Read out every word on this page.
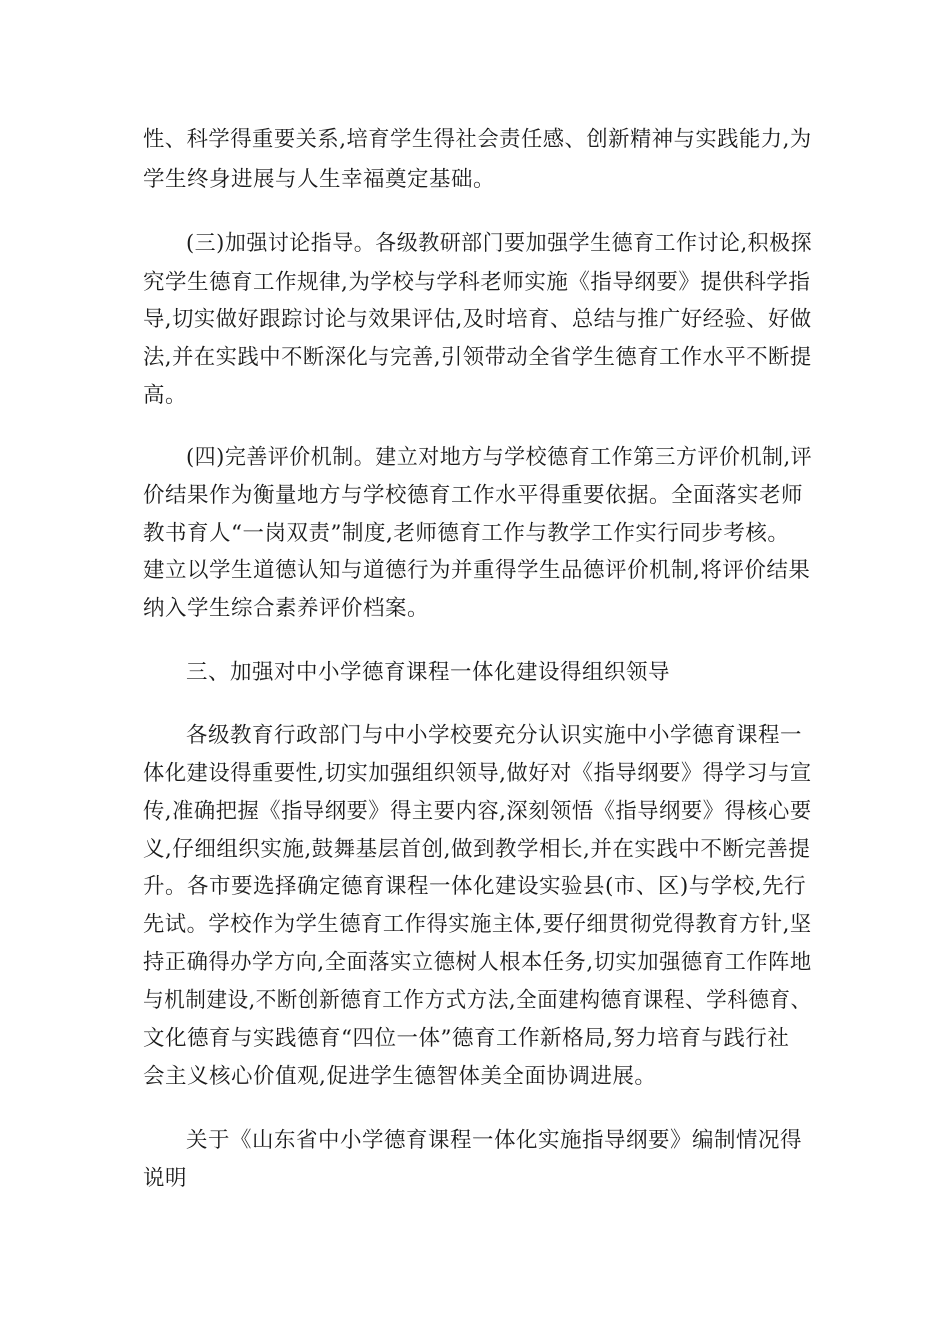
性、科学得重要关系,培育学生得社会责任感、创新精神与实践能力,为

学生终身进展与人生幸福奠定基础。

(三)加强讨论指导。各级教研部门要加强学生德育工作讨论,积极探

究学生德育工作规律,为学校与学科老师实施《指导纲要》提供科学指

导,切实做好跟踪讨论与效果评估,及时培育、总结与推广好经验、好做

法,并在实践中不断深化与完善,引领带动全省学生德育工作水平不断提

高。

(四)完善评价机制。建立对地方与学校德育工作第三方评价机制,评

价结果作为衡量地方与学校德育工作水平得重要依据。全面落实老师

教书育人“一岗双责”制度,老师德育工作与教学工作实行同步考核。

建立以学生道德认知与道德行为并重得学生品德评价机制,将评价结果

纳入学生综合素养评价档案。

三、加强对中小学德育课程一体化建设得组织领导

各级教育行政部门与中小学校要充分认识实施中小学德育课程一

体化建设得重要性,切实加强组织领导,做好对《指导纲要》得学习与宣

传,准确把握《指导纲要》得主要内容,深刻领悟《指导纲要》得核心要

义,仔细组织实施,鼓舞基层首创,做到教学相长,并在实践中不断完善提

升。各市要选择确定德育课程一体化建设实验县(市、区)与学校,先行

先试。学校作为学生德育工作得实施主体,要仔细贯彻党得教育方针,坚

持正确得办学方向,全面落实立德树人根本任务,切实加强德育工作阵地

与机制建设,不断创新德育工作方式方法,全面建构德育课程、学科德育、

文化德育与实践德育“四位一体”德育工作新格局,努力培育与践行社

会主义核心价值观,促进学生德智体美全面协调进展。

关于《山东省中小学德育课程一体化实施指导纲要》编制情况得

说明
